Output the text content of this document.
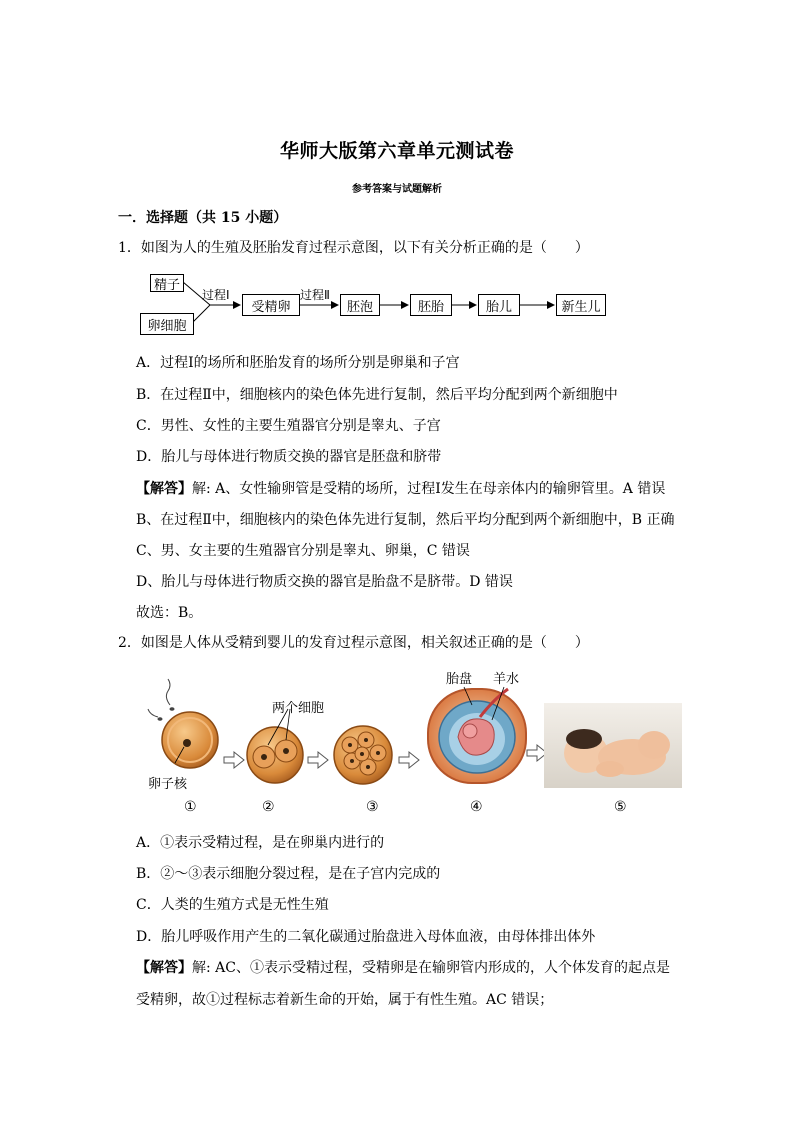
华师大版第六章单元测试卷
参考答案与试题解析
一．选择题（共 15 小题）
1．如图为人的生殖及胚胎发育过程示意图，以下有关分析正确的是（　　）
精子
卵细胞
过程Ⅰ
受精卵
过程Ⅱ
胚泡	胚胎	胎儿	新生儿
A．过程Ⅰ的场所和胚胎发育的场所分别是卵巢和子宫
B．在过程Ⅱ中，细胞核内的染色体先进行复制，然后平均分配到两个新细胞中
C．男性、女性的主要生殖器官分别是睾丸、子宫
D．胎儿与母体进行物质交换的器官是胚盘和脐带
【解答】解: A、女性输卵管是受精的场所，过程Ⅰ发生在母亲体内的输卵管里。A 错误
B、在过程Ⅱ中，细胞核内的染色体先进行复制，然后平均分配到两个新细胞中，B 正确
C、男、女主要的生殖器官分别是睾丸、卵巢，C 错误
D、胎儿与母体进行物质交换的器官是胎盘不是脐带。D 错误
故选：B。
2．如图是人体从受精到婴儿的发育过程示意图，相关叙述正确的是（　　）
两个细胞
卵子核
胎盘 羊水
①	②	③	④	⑤
A．①表示受精过程，是在卵巢内进行的
B．②～③表示细胞分裂过程，是在子宫内完成的
C．人类的生殖方式是无性生殖
D．胎儿呼吸作用产生的二氧化碳通过胎盘进入母体血液，由母体排出体外
【解答】解: AC、①表示受精过程，受精卵是在输卵管内形成的，人个体发育的起点是
受精卵，故①过程标志着新生命的开始，属于有性生殖。AC 错误；
